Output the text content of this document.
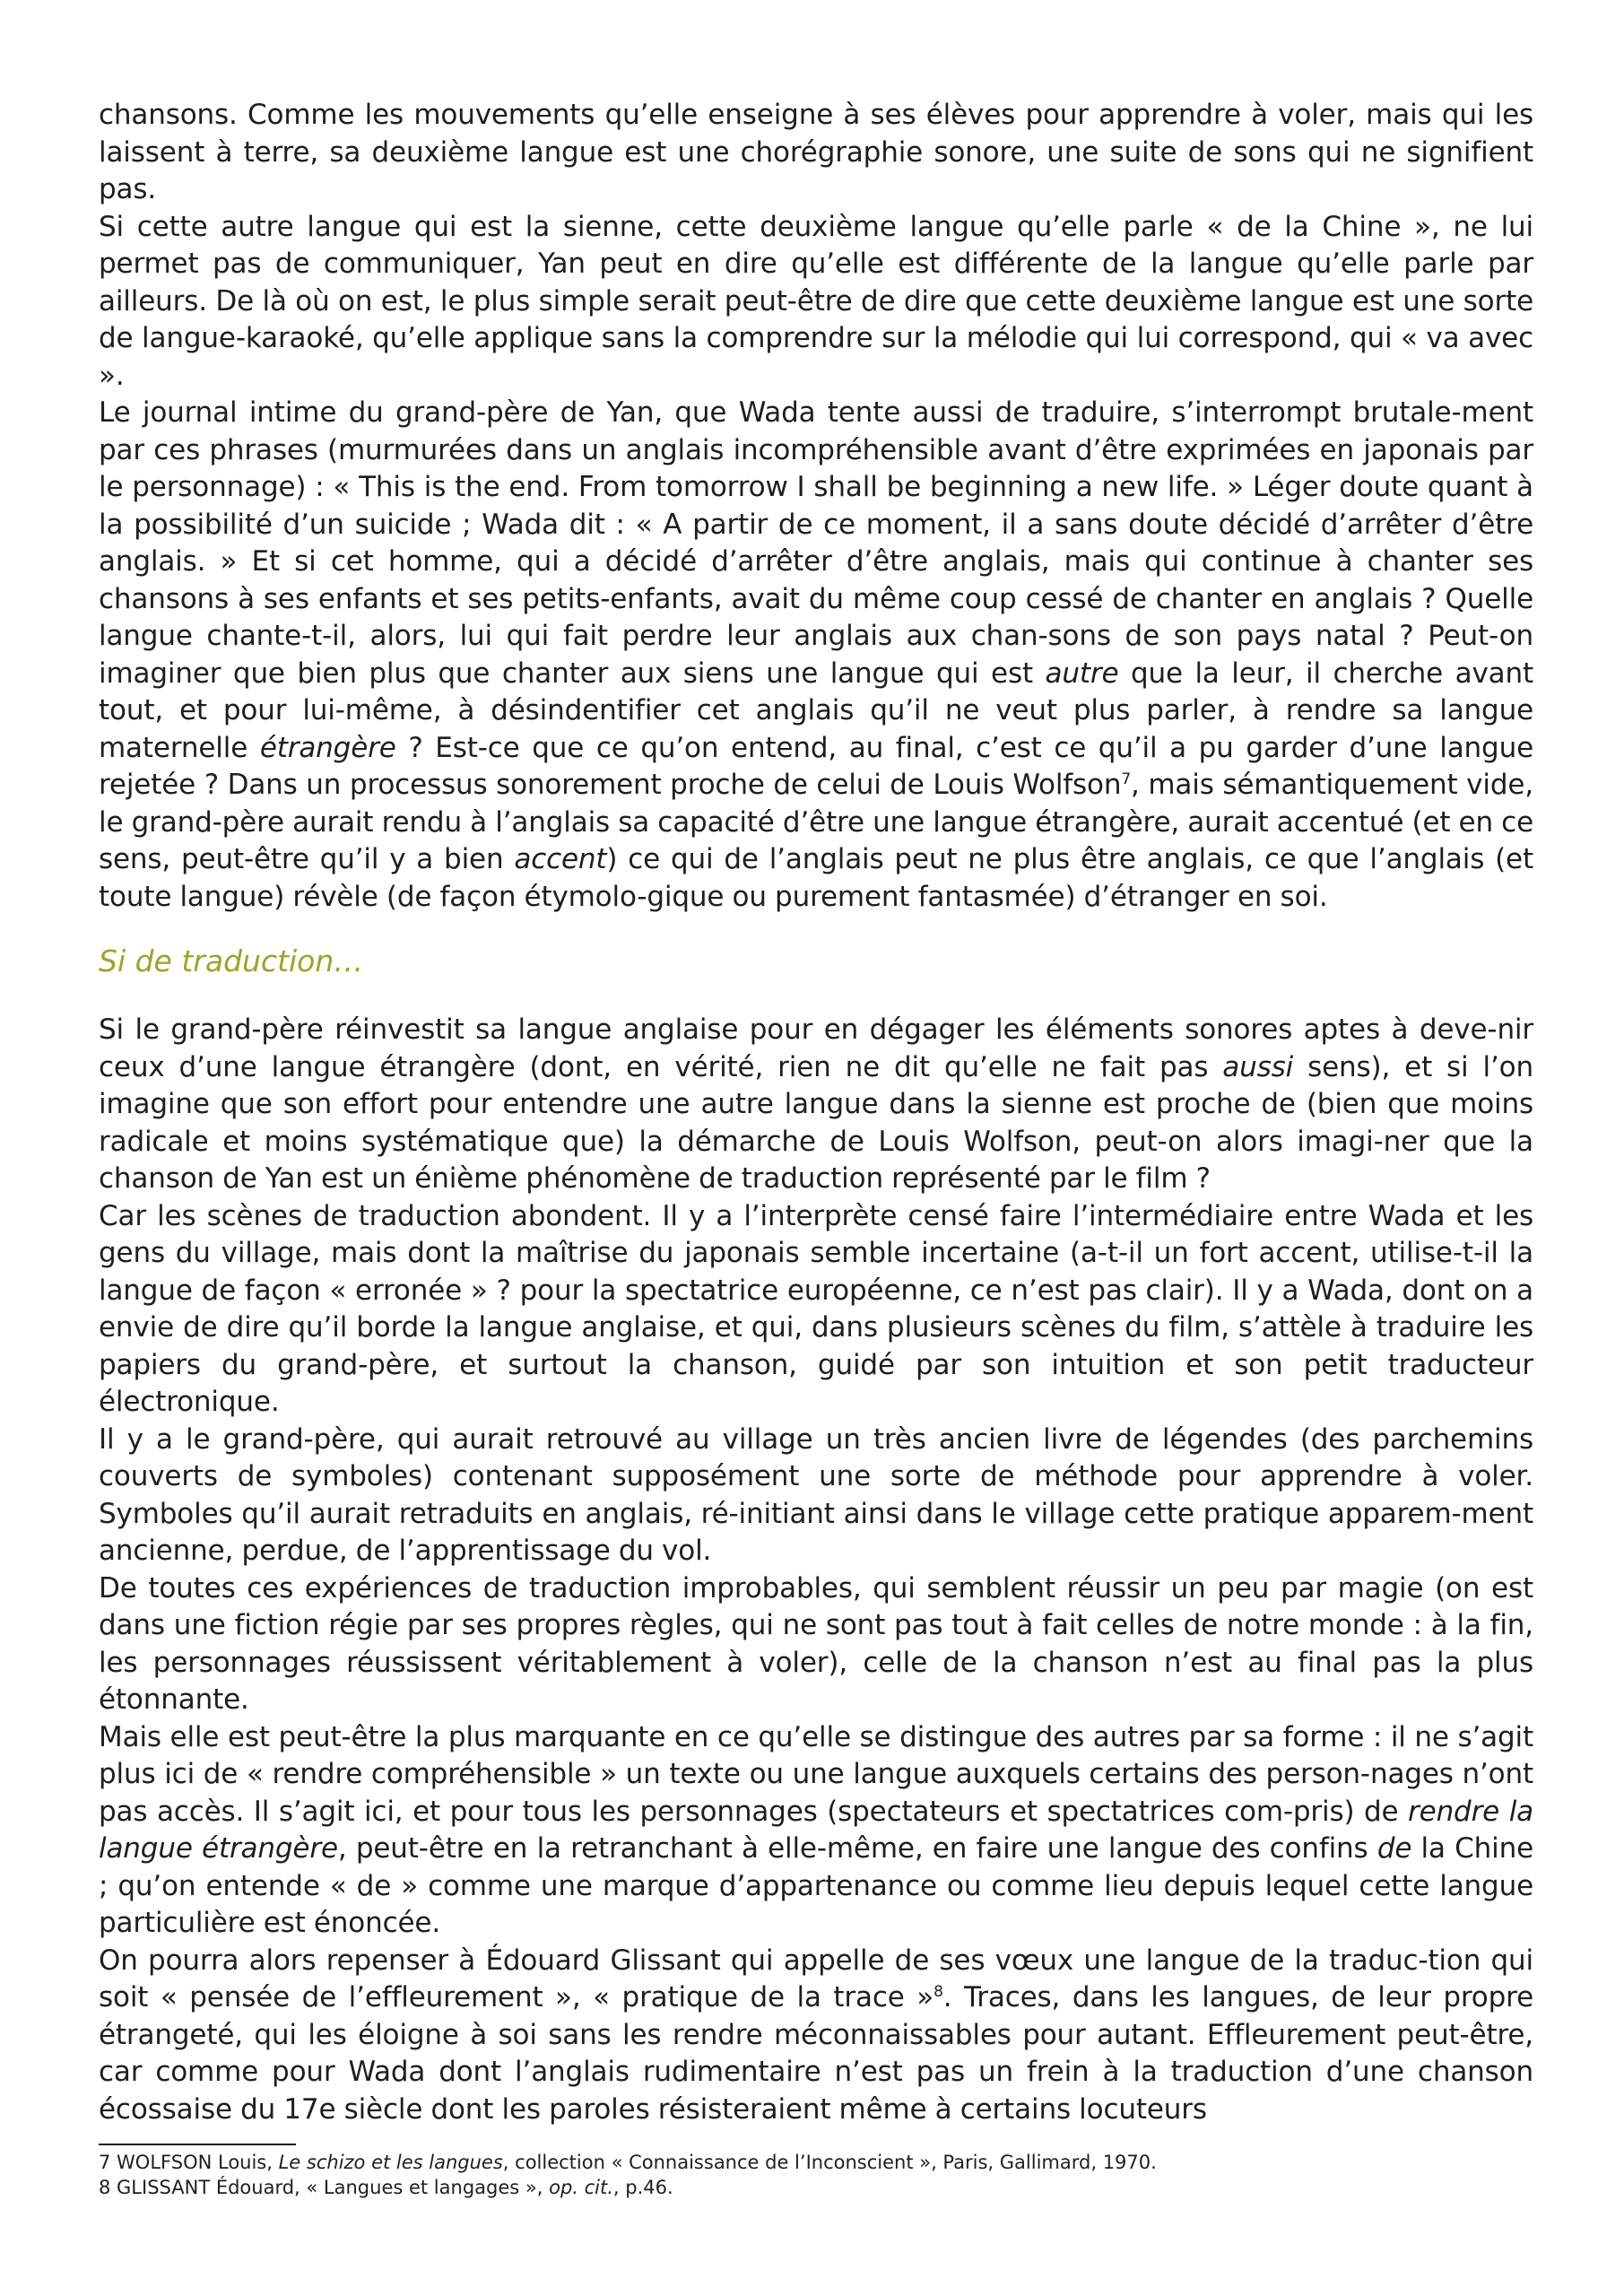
chansons. Comme les mouvements qu’elle enseigne à ses élèves pour apprendre à voler, mais qui les laissent à terre, sa deuxième langue est une chorégraphie sonore, une suite de sons qui ne signifient pas.

Si cette autre langue qui est la sienne, cette deuxième langue qu’elle parle « de la Chine », ne lui permet pas de communiquer, Yan peut en dire qu’elle est différente de la langue qu’elle parle par ailleurs. De là où on est, le plus simple serait peut-être de dire que cette deuxième langue est une sorte de langue-karaoké, qu’elle applique sans la comprendre sur la mélodie qui lui correspond, qui « va avec ».

Le journal intime du grand-père de Yan, que Wada tente aussi de traduire, s’interrompt brutale-ment par ces phrases (murmurées dans un anglais incompréhensible avant d’être exprimées en japonais par le personnage) : « This is the end. From tomorrow I shall be beginning a new life. » Léger doute quant à la possibilité d’un suicide ; Wada dit : « A partir de ce moment, il a sans doute décidé d’arrêter d’être anglais. » Et si cet homme, qui a décidé d’arrêter d’être anglais, mais qui continue à chanter ses chansons à ses enfants et ses petits-enfants, avait du même coup cessé de chanter en anglais ? Quelle langue chante-t-il, alors, lui qui fait perdre leur anglais aux chan-sons de son pays natal ? Peut-on imaginer que bien plus que chanter aux siens une langue qui est autre que la leur, il cherche avant tout, et pour lui-même, à désindentifier cet anglais qu’il ne veut plus parler, à rendre sa langue maternelle étrangère ? Est-ce que ce qu’on entend, au final, c’est ce qu’il a pu garder d’une langue rejetée ? Dans un processus sonorement proche de celui de Louis Wolfson$^7$, mais sémantiquement vide, le grand-père aurait rendu à l’anglais sa capacité d’être une langue étrangère, aurait accentué (et en ce sens, peut-être qu’il y a bien accent) ce qui de l’anglais peut ne plus être anglais, ce que l’anglais (et toute langue) révèle (de façon étymolo-gique ou purement fantasmée) d’étranger en soi.

Si de traduction…

Si le grand-père réinvestit sa langue anglaise pour en dégager les éléments sonores aptes à deve-nir ceux d’une langue étrangère (dont, en vérité, rien ne dit qu’elle ne fait pas aussi sens), et si l’on imagine que son effort pour entendre une autre langue dans la sienne est proche de (bien que moins radicale et moins systématique que) la démarche de Louis Wolfson, peut-on alors imagi-ner que la chanson de Yan est un énième phénomène de traduction représenté par le film ?

Car les scènes de traduction abondent. Il y a l’interprète censé faire l’intermédiaire entre Wada et les gens du village, mais dont la maîtrise du japonais semble incertaine (a-t-il un fort accent, utilise-t-il la langue de façon « erronée » ? pour la spectatrice européenne, ce n’est pas clair). Il y a Wada, dont on a envie de dire qu’il borde la langue anglaise, et qui, dans plusieurs scènes du film, s’attèle à traduire les papiers du grand-père, et surtout la chanson, guidé par son intuition et son petit traducteur électronique.

Il y a le grand-père, qui aurait retrouvé au village un très ancien livre de légendes (des parchemins couverts de symboles) contenant supposément une sorte de méthode pour apprendre à voler. Symboles qu’il aurait retraduits en anglais, ré-initiant ainsi dans le village cette pratique apparem-ment ancienne, perdue, de l’apprentissage du vol.

De toutes ces expériences de traduction improbables, qui semblent réussir un peu par magie (on est dans une fiction régie par ses propres règles, qui ne sont pas tout à fait celles de notre monde : à la fin, les personnages réussissent véritablement à voler), celle de la chanson n’est au final pas la plus étonnante.

Mais elle est peut-être la plus marquante en ce qu’elle se distingue des autres par sa forme : il ne s’agit plus ici de « rendre compréhensible » un texte ou une langue auxquels certains des person-nages n’ont pas accès. Il s’agit ici, et pour tous les personnages (spectateurs et spectatrices com-pris) de rendre la langue étrangère, peut-être en la retranchant à elle-même, en faire une langue des confins de la Chine ; qu’on entende « de » comme une marque d’appartenance ou comme lieu depuis lequel cette langue particulière est énoncée.

On pourra alors repenser à Édouard Glissant qui appelle de ses vœux une langue de la traduc-tion qui soit « pensée de l’effleurement », « pratique de la trace »$^8$. Traces, dans les langues, de leur propre étrangeté, qui les éloigne à soi sans les rendre méconnaissables pour autant. Effleurement peut-être, car comme pour Wada dont l’anglais rudimentaire n’est pas un frein à la traduction d’une chanson écossaise du 17e siècle dont les paroles résisteraient même à certains locuteurs

7 WOLFSON Louis, Le schizo et les langues, collection « Connaissance de l’Inconscient », Paris, Gallimard, 1970.
8 GLISSANT Édouard, « Langues et langages », op. cit., p.46.
